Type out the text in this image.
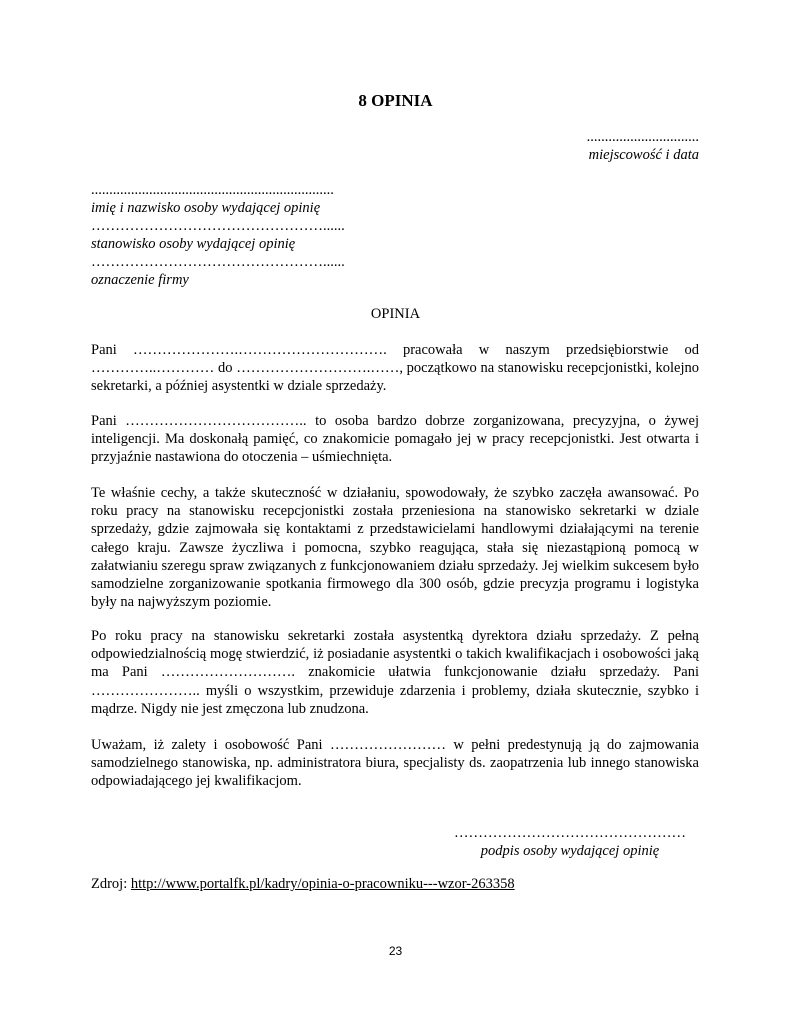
8 OPINIA
...............................
miejscowość i data
...................................................................
imię i nazwisko osoby wydającej opinię
…………………………………………......
stanowisko osoby wydającej opinię
…………………………………………......
oznaczenie firmy
OPINIA
Pani ………………….…………………………. pracowała w naszym przedsiębiorstwie od …………..………… do ……………………….……, początkowo na stanowisku recepcjonistki, kolejno sekretarki, a później asystentki w dziale sprzedaży.
Pani ……………………………….. to osoba bardzo dobrze zorganizowana, precyzyjna, o żywej inteligencji. Ma doskonałą pamięć, co znakomicie pomagało jej w pracy recepcjonistki. Jest otwarta i przyjaźnie nastawiona do otoczenia – uśmiechnięta.
Te właśnie cechy, a także skuteczność w działaniu, spowodowały, że szybko zaczęła awansować. Po roku pracy na stanowisku recepcjonistki została przeniesiona na stanowisko sekretarki w dziale sprzedaży, gdzie zajmowała się kontaktami z przedstawicielami handlowymi działającymi na terenie całego kraju. Zawsze życzliwa i pomocna, szybko reagująca, stała się niezastąpioną pomocą w załatwianiu szeregu spraw związanych z funkcjonowaniem działu sprzedaży. Jej wielkim sukcesem było samodzielne zorganizowanie spotkania firmowego dla 300 osób, gdzie precyzja programu i logistyka były na najwyższym poziomie.
Po roku pracy na stanowisku sekretarki została asystentką dyrektora działu sprzedaży. Z pełną odpowiedzialnością mogę stwierdzić, iż posiadanie asystentki o takich kwalifikacjach i osobowości jaką ma Pani ………………………. znakomicie ułatwia funkcjonowanie działu sprzedaży. Pani ………………….. myśli o wszystkim, przewiduje zdarzenia i problemy, działa skutecznie, szybko i mądrze. Nigdy nie jest zmęczona lub znudzona.
Uważam, iż zalety i osobowość Pani …………………… w pełni predestynują ją do zajmowania samodzielnego stanowiska, np. administratora biura, specjalisty ds. zaopatrzenia lub innego stanowiska odpowiadającego jej kwalifikacjom.
…………………………………………
podpis osoby wydającej opinię
Zdroj: http://www.portalfk.pl/kadry/opinia-o-pracowniku---wzor-263358
23
